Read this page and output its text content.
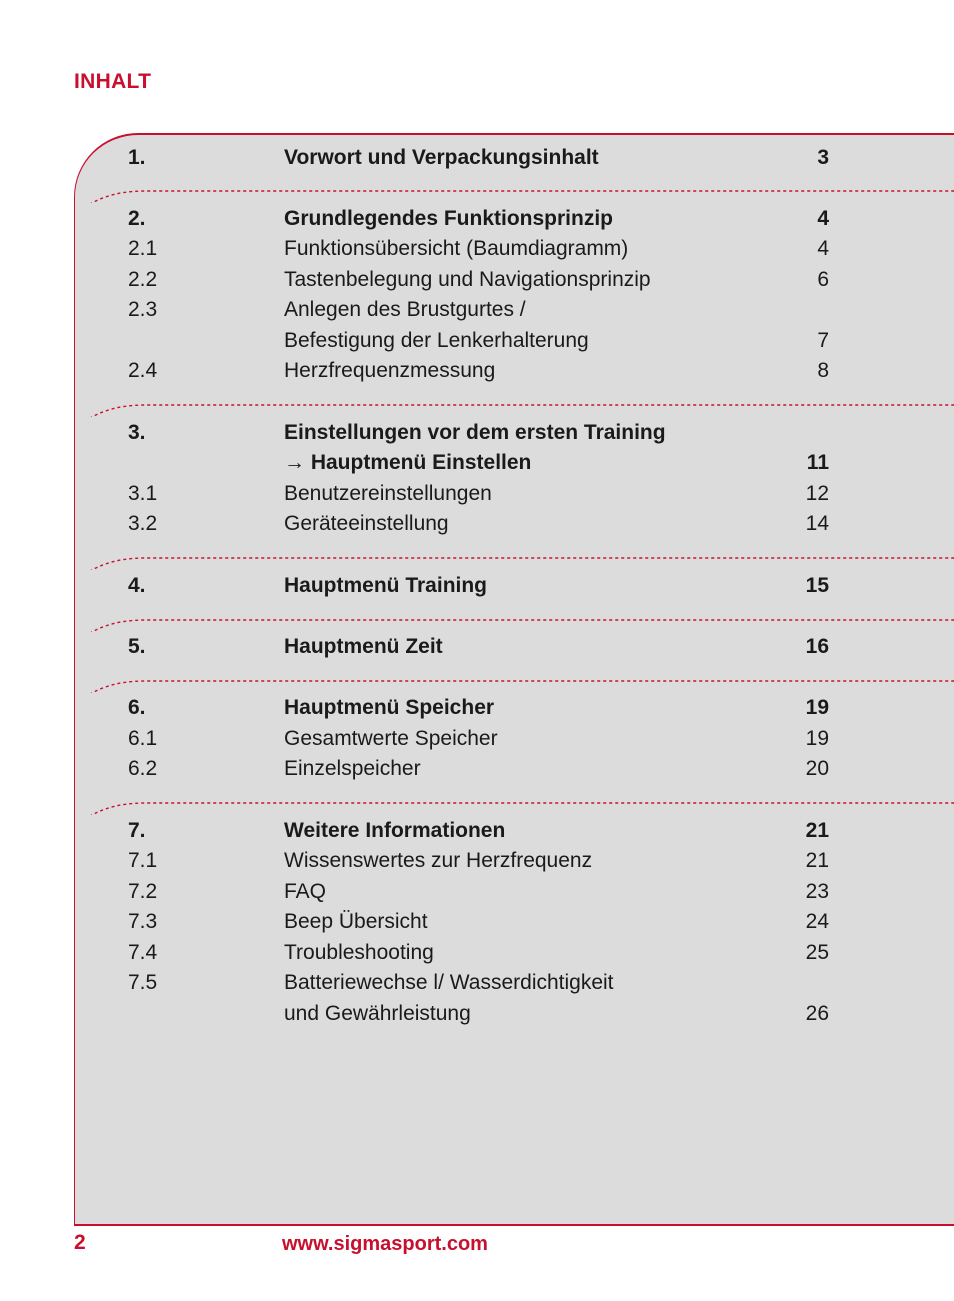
INHALT
1.	Vorwort und Verpackungsinhalt	3
2.	Grundlegendes Funktionsprinzip	4
2.1	Funktionsübersicht (Baumdiagramm)	4
2.2	Tastenbelegung und Navigationsprinzip	6
2.3	Anlegen des Brustgurtes /
Befestigung der Lenkerhalterung	7
2.4	Herzfrequenzmessung	8
3.	Einstellungen vor dem ersten Training
→ Hauptmenü Einstellen	11
3.1	Benutzereinstellungen	12
3.2	Geräteeinstellung	14
4.	Hauptmenü Training	15
5.	Hauptmenü Zeit	16
6.	Hauptmenü Speicher	19
6.1	Gesamtwerte Speicher	19
6.2	Einzelspeicher	20
7.	Weitere Informationen	21
7.1	Wissenswertes zur Herzfrequenz	21
7.2	FAQ	23
7.3	Beep Übersicht	24
7.4	Troubleshooting	25
7.5	Batteriewechse l/ Wasserdichtigkeit
und Gewährleistung	26
2	www.sigmasport.com
